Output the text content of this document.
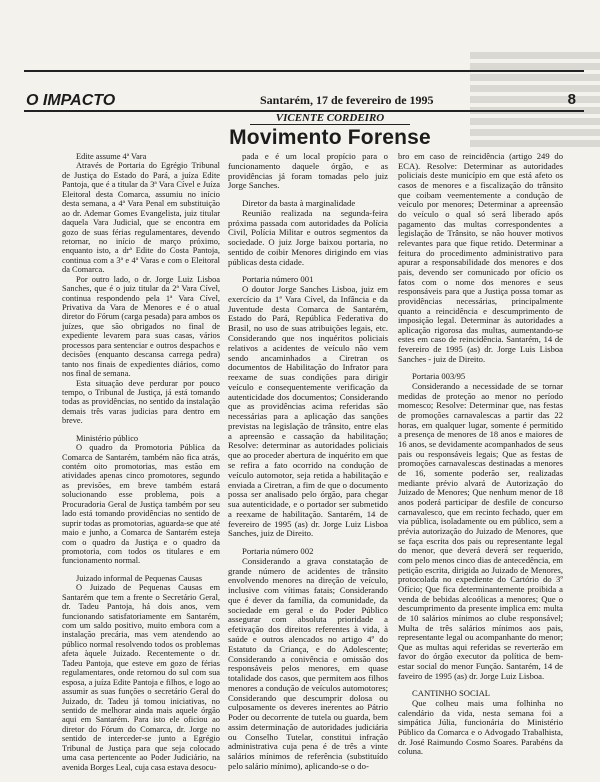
O IMPACTO	Santarém, 17 de fevereiro de 1995	8
VICENTE CORDEIRO
Movimento Forense
Edite assume 4ª Vara

Através de Portaria do Egrégio Tribunal de Justiça do Estado do Pará, a juíza Edite Pantoja, que é a titular da 3ª Vara Cível e Juíza Eleitoral desta Comarca, assumiu no início desta semana, a 4ª Vara Penal em substituição ao dr. Ademar Gomes Evangelista, juiz titular daquela Vara Judicial, que se encontra em gozo de suas férias regulamentares, devendo retornar, no início de março próximo, enquanto isto, a drª Edite do Costa Pantoja, continua com a 3ª e 4ª Varas e com o Eleitoral da Comarca.

Por outro lado, o dr. Jorge Luiz Lisboa Sanches, que é o juiz titular da 2ª Vara Cível, continua respondendo pela 1ª Vara Cível, Privativa da Vara de Menores e é o atual diretor do Fórum (carga pesada) para ambos os juízes, que são obrigados no final de expediente levarem para suas casas, vários processos para sentenciar e outros despachos e decisões (enquanto descansa carrega pedra) tanto nos finais de expedientes diários, como nos final de semana.

Esta situação deve perdurar por pouco tempo, o Tribunal de Justiça, já está tomando todas as providências, no sentido da instalação demais três varas judicias para dentro em breve.

Ministério público

O quadro da Promotoria Pública da Comarca de Santarém, também não fica atrás, contém oito promotorias, mas estão em atividades apenas cinco promotores, segundo as previsões, em breve também estará solucionando esse problema, pois a Procuradoria Geral de Justiça também por seu lado está tomando providências no sentido de suprir todas as promotorias, aguarda-se que até maio e junho, a Comarca de Santarém esteja com o quadro da Justiça e o quadro da promotoria, com todos os titulares e em funcionamento normal.

Juizado informal de Pequenas Causas

O Juizado de Pequenas Causas em Santarém que tem a frente o Secretário Geral, dr. Tadeu Pantoja, há dois anos, vem funcionando satisfatoriamente em Santarém, com um saldo positivo, muito embora com a instalação precária, mas vem atendendo ao público normal resolvendo todos os problemas afeta àquele Juizado. Recentemente o dr. Tadeu Pantoja, que esteve em gozo de férias regulamentares, onde retornou do sul com sua esposa, a juíza Edite Pantoja e filhos, e logo ao assumir as suas funções o secretário Geral do Juizado, dr. Tadeu já tomou iniciativas, no sentido de melhorar ainda mais aquele órgão aqui em Santarém. Para isto ele oficiou ao diretor do Fórum do Comarca, dr. Jorge no sentido de interceder-se junto a Egrégio Tribunal de Justiça para que seja colocado uma casa pertencente ao Poder Judiciário, na avenida Borges Leal, cuja casa estava desocu-

pada e é um local propício para o funcionamento daquele órgão, e as providências já foram tomadas pelo juiz Jorge Sanches.

Diretor da basta à marginalidade

Reunião realizada na segunda-feira próxima passada com autoridades da Polícia Civil, Polícia Militar e outros segmentos da sociedade. O juiz Jorge baixou portaria, no sentido de coibir Menores dirigindo em vias públicas desta cidade.

Portaria número 001

O doutor Jorge Sanches Lisboa, juiz em exercício da 1ª Vara Cível, da Infância e da Juventude desta Comarca de Santarém, Estado do Pará, República Federativa do Brasil, no uso de suas atribuições legais, etc. Considerando que nos inquéritos policiais relativos a acidentes de veículo não vem sendo ancaminhados a Ciretran os documentos de Habilitação do Infrator para reexame de suas condições para dirigir veículo e consequentemente verificação da autenticidade dos documentos; Considerando que as providências acima referidas são necessárias para a aplicação das sanções previstas na legislação de trânsito, entre elas a apreensão e cassação da habilitação; Resolve: determinar as autoridades policiais que ao proceder abertura de inquérito em que se refira a fato ocorrido na condução de veículo automotor, seja retida a habilitação e enviada a Ciretran, a fim de que o documento possa ser analisado pelo órgão, para chegar sua autenticidade, e o portador ser submetido a reexame de habilitação. Santarém, 14 de fevereiro de 1995 (as) dr. Jorge Luiz Lisboa Sanches, juiz de Direito.

Portaria número 002

Considerando a grava constatação de grande número de acidentes de trânsito envolvendo menores na direção de veículo, inclusive com vítimas fatais; Considerando que é dever da família, da comunidade, da sociedade em geral e do Poder Público assegurar com absoluta prioridade a efetivação dos direitos referentes à vida, à saúde e outros alencados no artigo 4º do Estatuto da Criança, e do Adolescente; Considerando a conivência e omissão dos responsáveis pelos menores, em quase totalidade dos casos, que permitem aos filhos menores a condução de veículos automotores; Considerando que descumprir dolosa ou culposamente os deveres inerentes ao Pátrio Poder ou decorrente de tutela ou guarda, bem assim determinação de autoridades judiciária ou Conselho Tutelar, constitui infração administrativa cuja pena é de três a vinte salários mínimos de referência (substituído pelo salário mínimo), aplicando-se o do-

bro em caso de reincidência (artigo 249 do ECA). Resolve: Determinar as autoridades policiais deste município em que está afeto os casos de menores e a fiscalização do trânsito que coibam veementemente a condução de veículo por menores; Determinar a apreensão do veículo o qual só será liberado após pagamento das multas correspondentes a legislação de Trânsito, se não houver motivos relevantes para que fique retido. Determinar a feitura do procedimento administrativo para apurar a responsabilidade dos menores e dos pais, devendo ser comunicado por ofício os fatos com o nome dos menores e seus responsáveis para que a Justiça possa tomar as providências necessárias, principalmente quanto a reincidência e descumprimento de imposição legal. Determinar às autoridades a aplicação rigorosa das multas, aumentando-se estes em caso de reincidência. Santarém, 14 de fevereiro de 1995 (as) dr. Jorge Luis Lisboa Sanches - juiz de Direito.

Portaria 003/95

Considerando a necessidade de se tornar medidas de proteção ao menor no período momesco; Resolve: Determinar que, nas festas de promoções carnavalescas a partir das 22 horas, em qualquer lugar, somente é permitido a presença de menores de 18 anos e maiores de 16 anos, se devidamente acompanhados de seus pais ou responsáveis legais; Que as festas de promoções carnavalescas destinadas a menores de 16, somente poderão ser, realizadas mediante prévio alvará de Autorização do Juizado de Menores; Que nenhum menor de 18 anos poderá participar de desfile de concurso carnavalesco, que em recinto fechado, quer em via pública, isoladamente ou em público, sem a prévia autorização do Juizado de Menores, que se faça escrita dos pais ou representante legal do menor, que deverá deverá ser requerido, com pelo menos cinco dias de antecedência, em petição escrita, dirigida ao Juizado de Menores, protocolada no expediente do Cartório do 3º Ofício; Que fica determinantemente proibida a venda de bebidas alcoólicas a menores; Que o descumprimento da presente implica em: multa de 10 salários mínimos ao clube responsável; Multa de três salários mínimos aos pais, representante legal ou acompanhante do menor; Que as multas aqui referidas se reverterão em favor do órgão executor da política de bem-estar social do menor Função. Santarém, 14 de faveiro de 1995 (as) dr. Jorge Luiz Lisboa.

CANTINHO SOCIAL

Que colheu mais uma folhinha no calendário da vida, nesta semana foi a simpática Júlia, funcionária do Ministério Público da Comarca e o Advogado Trabalhista, dr. José Raimundo Cosmo Soares. Parabéns da coluna.
